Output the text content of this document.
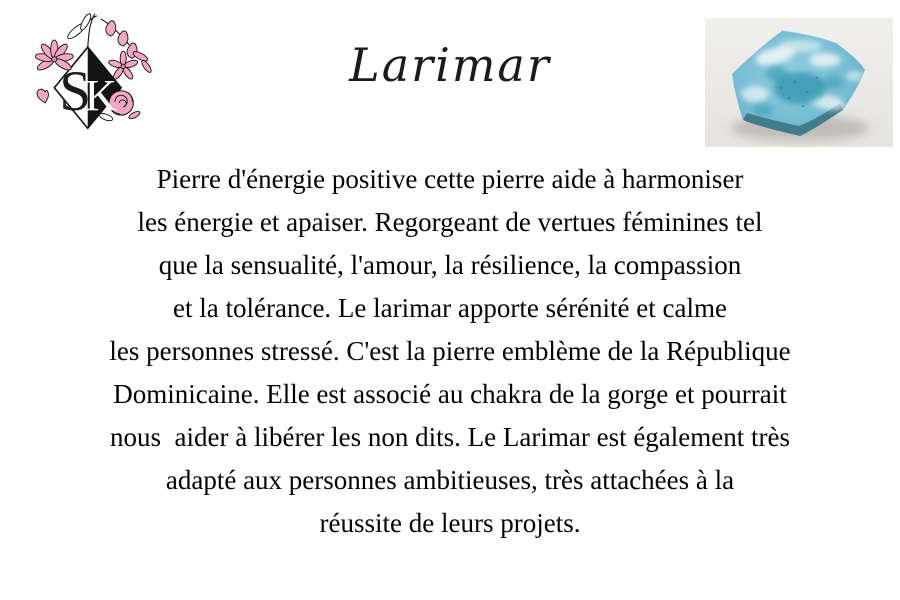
S
K
Larimar
Pierre d'énergie positive cette pierre aide à harmoniser
les énergie et apaiser. Regorgeant de vertues féminines tel
que la sensualité, l'amour, la résilience, la compassion
et la tolérance. Le larimar apporte sérénité et calme
les personnes stressé. C'est la pierre emblème de la République
Dominicaine. Elle est associé au chakra de la gorge et pourrait
nous  aider à libérer les non dits. Le Larimar est également très
adapté aux personnes ambitieuses, très attachées à la
réussite de leurs projets.
